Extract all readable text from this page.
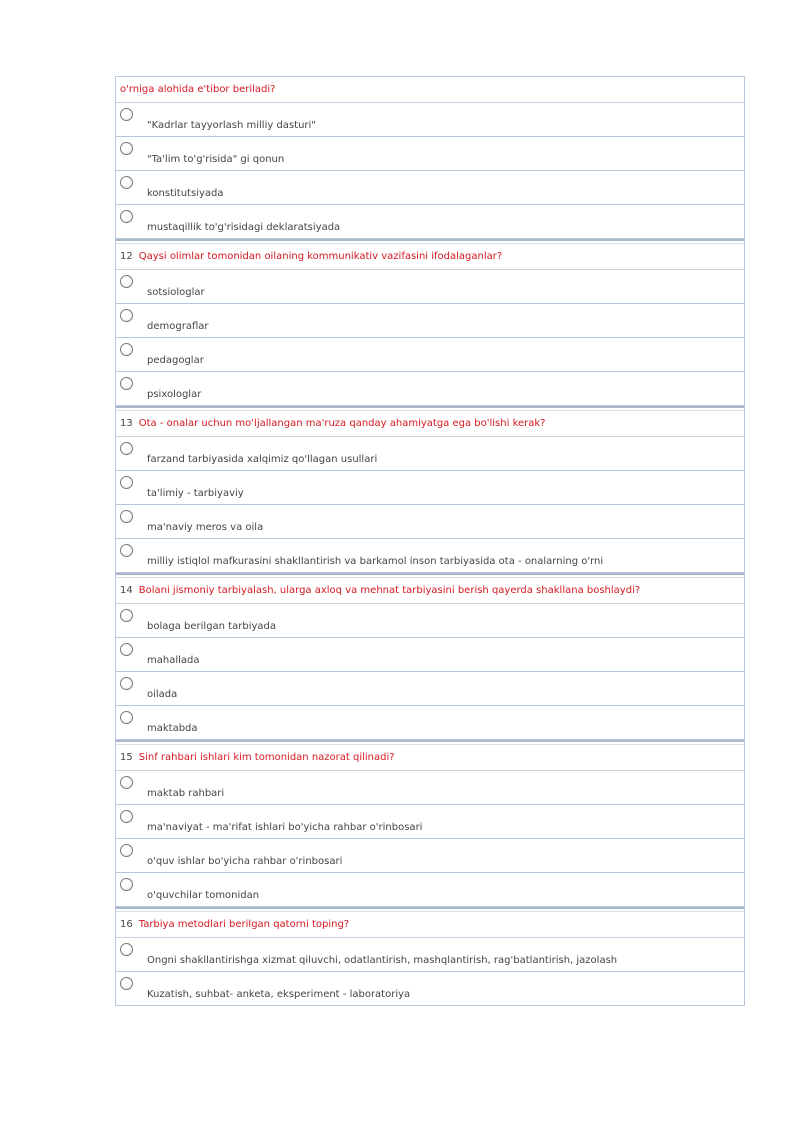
o'rniga alohida e'tibor beriladi?
"Kadrlar tayyorlash milliy dasturi"
"Ta'lim to'g'risida" gi qonun
konstitutsiyada
mustaqillik to'g'risidagi deklaratsiyada
12 Qaysi olimlar tomonidan oilaning kommunikativ vazifasini ifodalaganlar?
sotsiologlar
demograflar
pedagoglar
psixologlar
13 Ota - onalar uchun mo'ljallangan ma'ruza qanday ahamiyatga ega bo'lishi kerak?
farzand tarbiyasida xalqimiz qo'llagan usullari
ta'limiy - tarbiyaviy
ma'naviy meros va oila
milliy istiqlol mafkurasini shakllantirish va barkamol inson tarbiyasida ota - onalarning o'rni
14 Bolani jismoniy tarbiyalash, ularga axloq va mehnat tarbiyasini berish qayerda shakllana boshlaydi?
bolaga berilgan tarbiyada
mahallada
oilada
maktabda
15 Sinf rahbari ishlari kim tomonidan nazorat qilinadi?
maktab rahbari
ma'naviyat - ma'rifat ishlari bo'yicha rahbar o'rinbosari
o'quv ishlar bo'yicha rahbar o'rinbosari
o'quvchilar tomonidan
16 Tarbiya metodlari berilgan qatorni toping?
Ongni shakllantirishga xizmat qiluvchi, odatlantirish, mashqlantirish, rag'batlantirish, jazolash
Kuzatish, suhbat- anketa, eksperiment - laboratoriya
